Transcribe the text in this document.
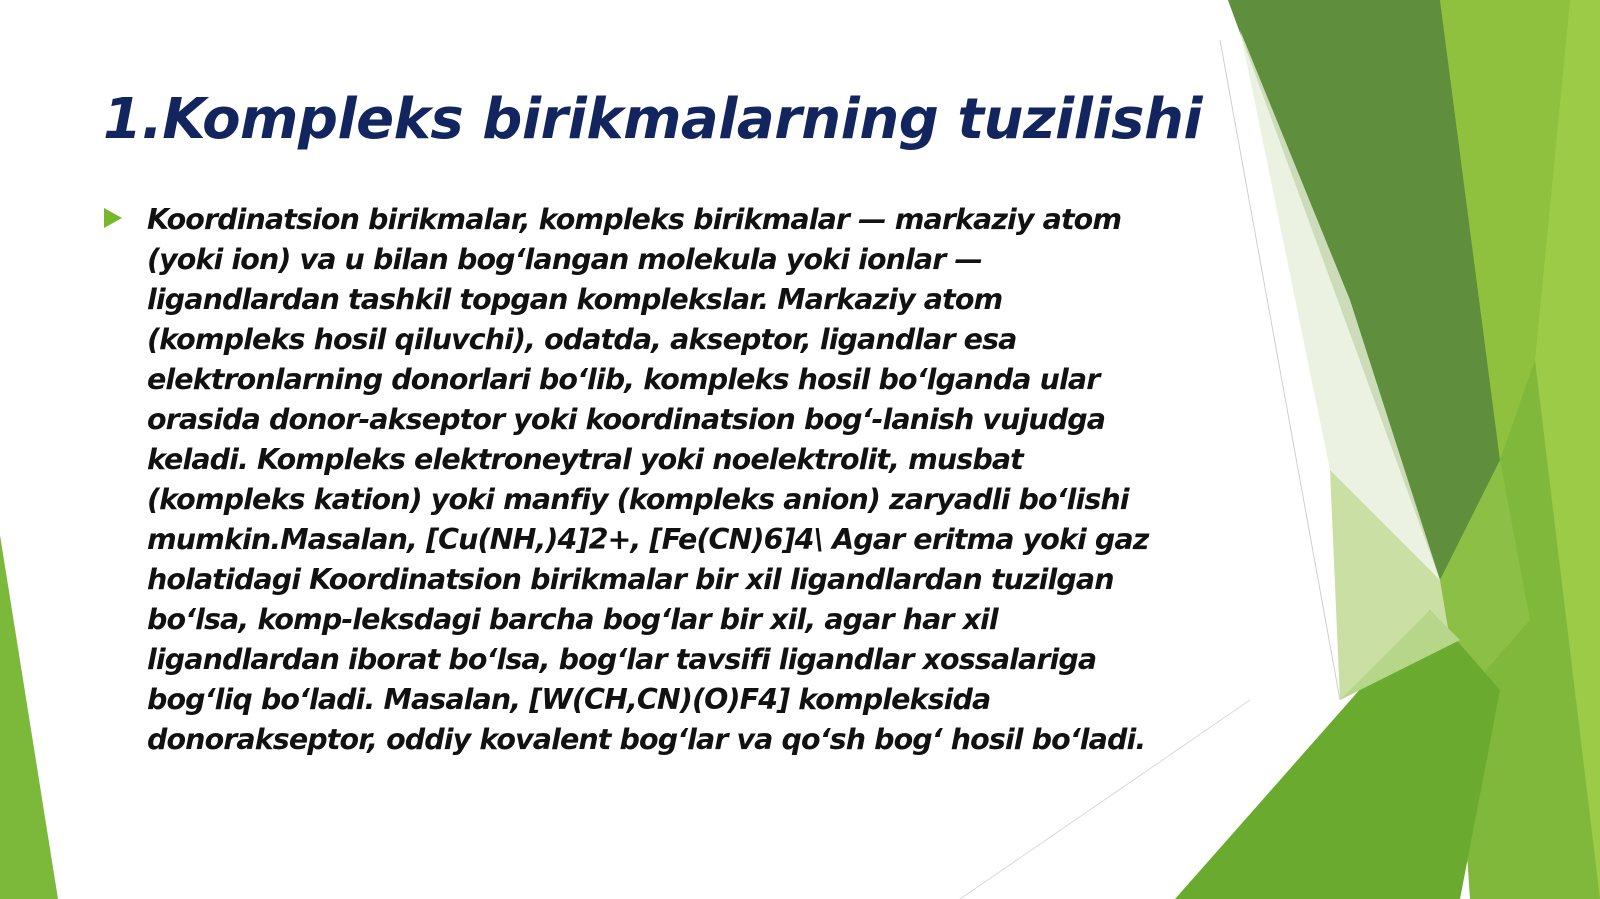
1.Kompleks birikmalarning tuzilishi

Koordinatsion birikmalar, kompleks birikmalar — markaziy atom
(yoki ion) va u bilan bog‘langan molekula yoki ionlar —
ligandlardan tashkil topgan komplekslar. Markaziy atom
(kompleks hosil qiluvchi), odatda, akseptor, ligandlar esa
elektronlarning donorlari bo‘lib, kompleks hosil bo‘lganda ular
orasida donor-akseptor yoki koordinatsion bog‘-lanish vujudga
keladi. Kompleks elektroneytral yoki noelektrolit, musbat
(kompleks kation) yoki manfiy (kompleks anion) zaryadli bo‘lishi
mumkin.Masalan, [Cu(NH,)4]2+, [Fe(CN)6]4\ Agar eritma yoki gaz
holatidagi Koordinatsion birikmalar bir xil ligandlardan tuzilgan
bo‘lsa, komp-leksdagi barcha bog‘lar bir xil, agar har xil
ligandlardan iborat bo‘lsa, bog‘lar tavsifi ligandlar xossalariga
bog‘liq bo‘ladi. Masalan, [W(CH,CN)(O)F4] kompleksida
donorakseptor, oddiy kovalent bog‘lar va qo‘sh bog‘ hosil bo‘ladi.
